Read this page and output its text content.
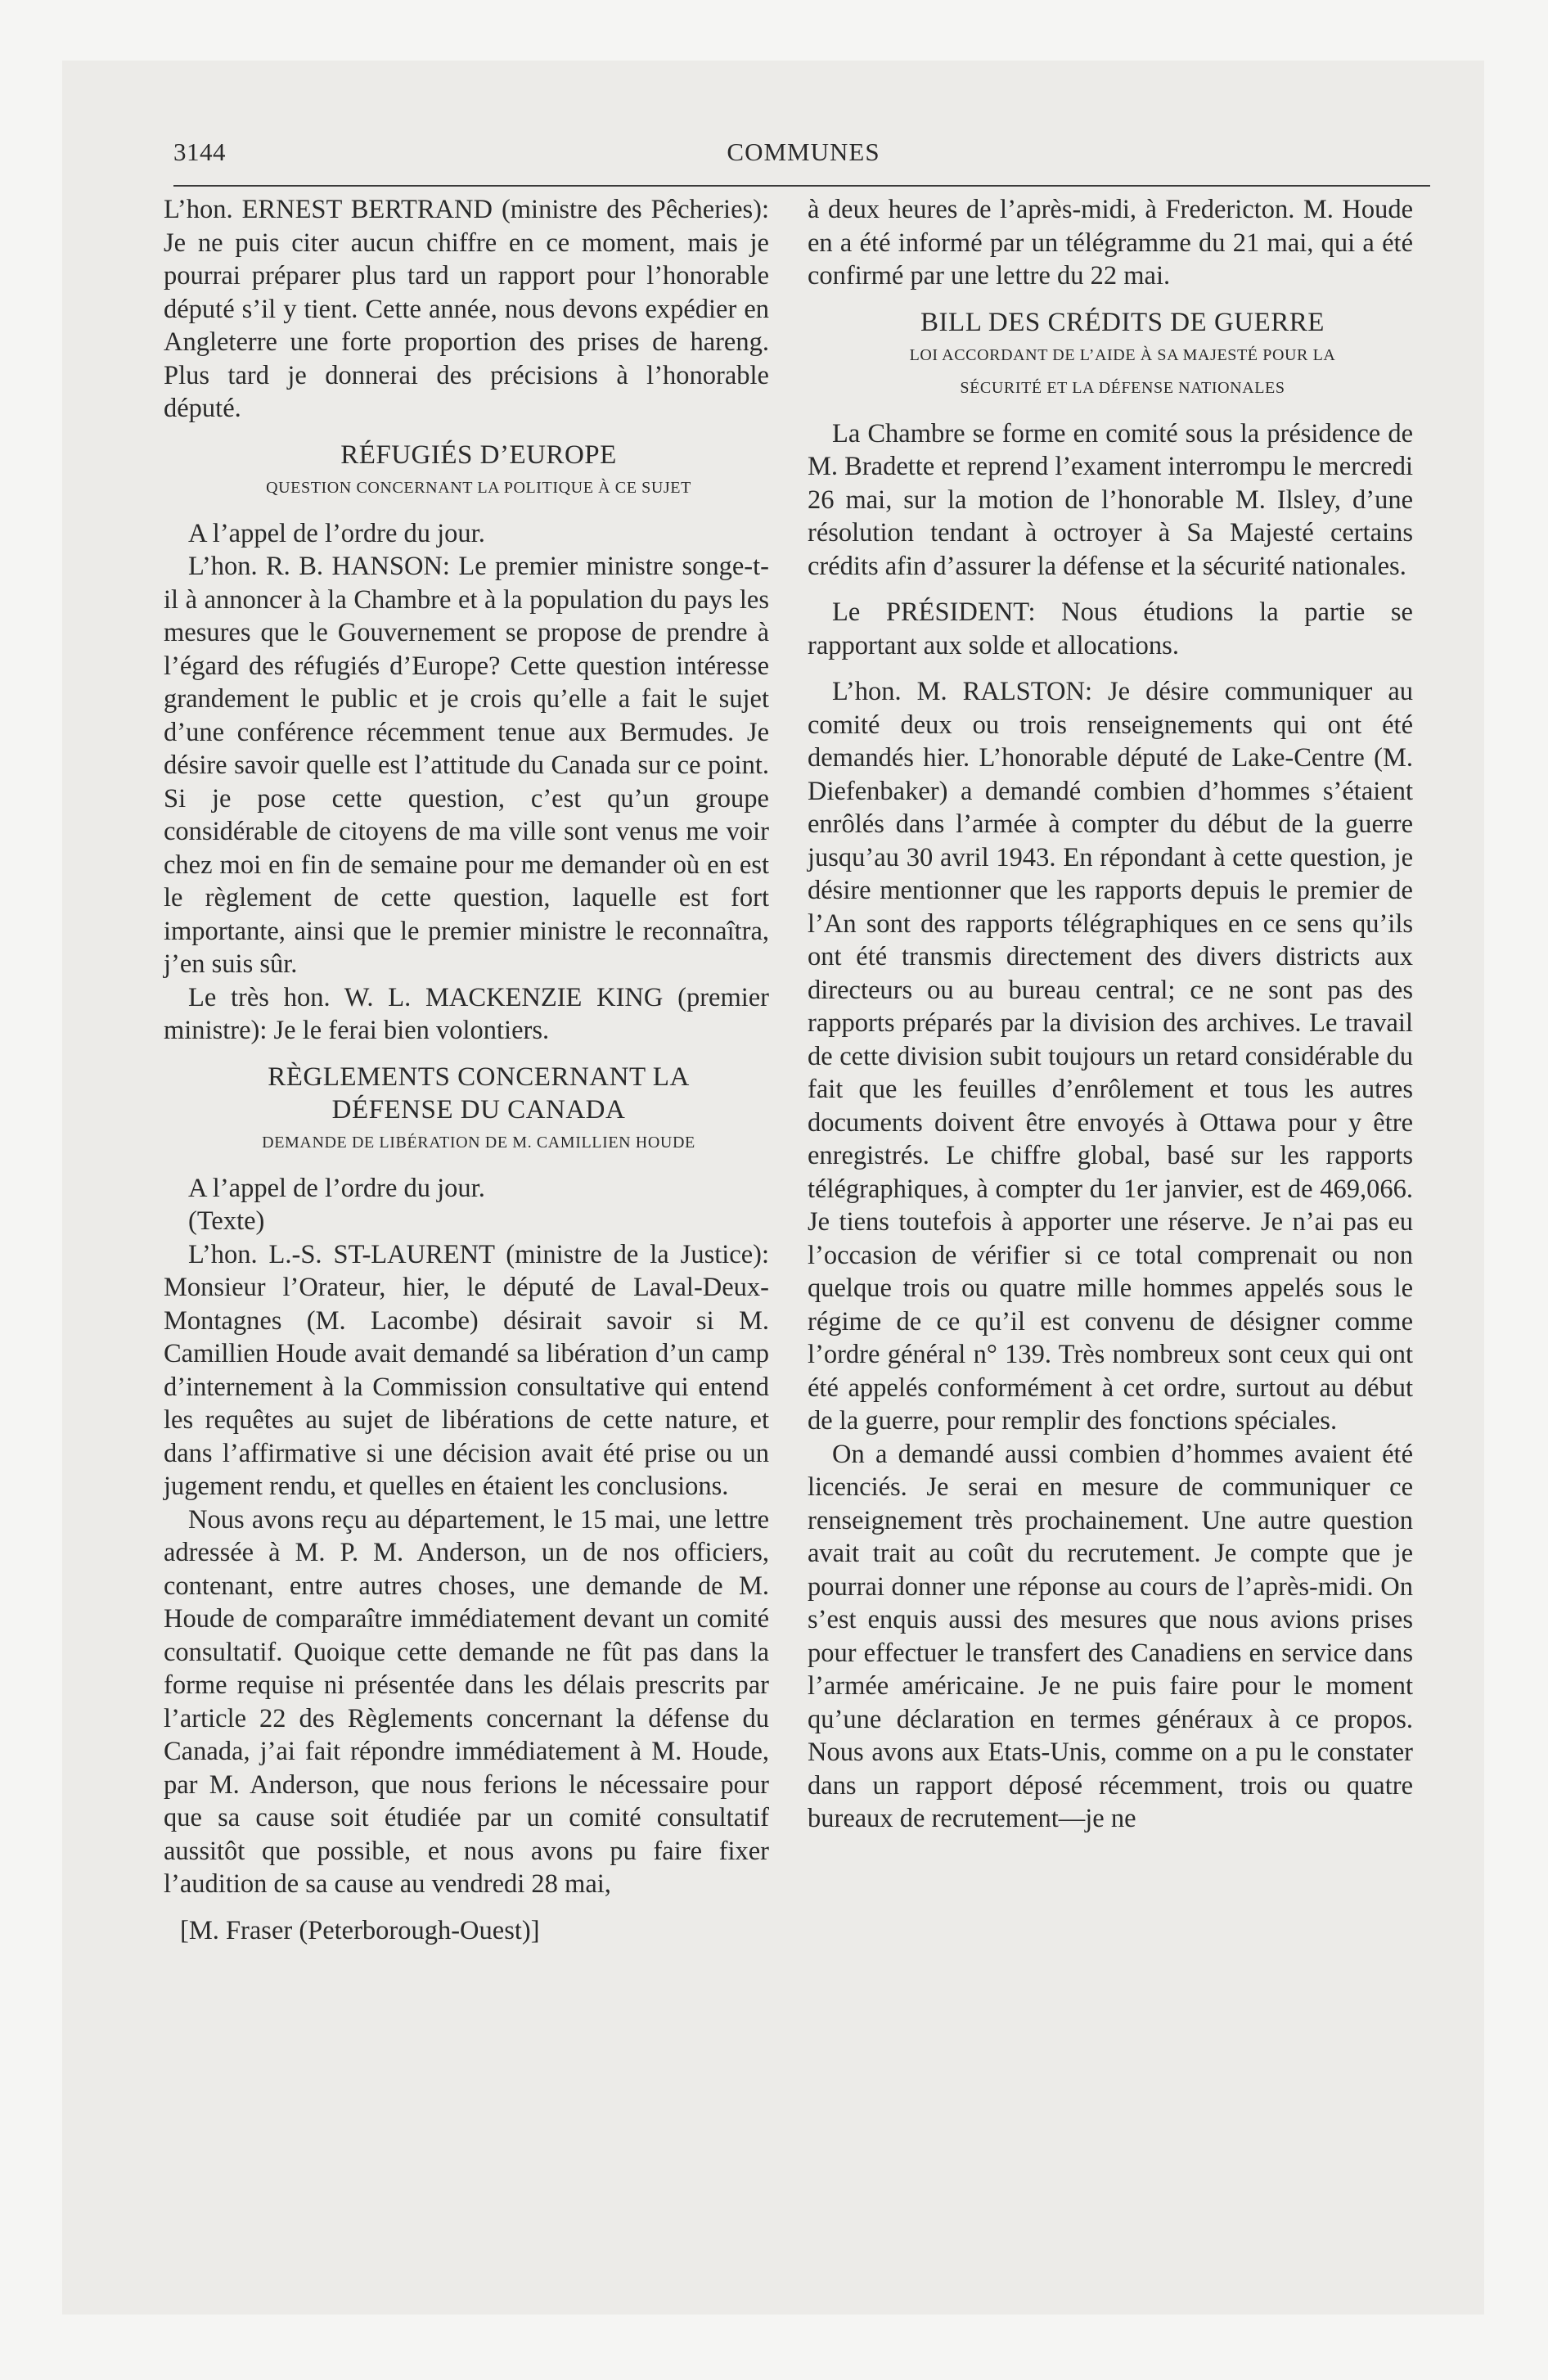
3144	COMMUNES

L’hon. ERNEST BERTRAND (ministre des Pêcheries): Je ne puis citer aucun chiffre en ce moment, mais je pourrai préparer plus tard un rapport pour l’honorable député s’il y tient. Cette année, nous devons expédier en Angleterre une forte proportion des prises de hareng. Plus tard je donnerai des précisions à l’honorable député.

RÉFUGIÉS D’EUROPE

QUESTION CONCERNANT LA POLITIQUE À CE SUJET

A l’appel de l’ordre du jour.

L’hon. R. B. HANSON: Le premier ministre songe-t-il à annoncer à la Chambre et à la population du pays les mesures que le Gouvernement se propose de prendre à l’égard des réfugiés d’Europe? Cette question intéresse grandement le public et je crois qu’elle a fait le sujet d’une conférence récemment tenue aux Bermudes. Je désire savoir quelle est l’attitude du Canada sur ce point. Si je pose cette question, c’est qu’un groupe considérable de citoyens de ma ville sont venus me voir chez moi en fin de semaine pour me demander où en est le règlement de cette question, laquelle est fort importante, ainsi que le premier ministre le reconnaîtra, j’en suis sûr.

Le très hon. W. L. MACKENZIE KING (premier ministre): Je le ferai bien volontiers.

RÈGLEMENTS CONCERNANT LA

DÉFENSE DU CANADA

DEMANDE DE LIBÉRATION DE M. CAMILLIEN HOUDE

A l’appel de l’ordre du jour.

(Texte)

L’hon. L.-S. ST-LAURENT (ministre de la Justice): Monsieur l’Orateur, hier, le député de Laval-Deux-Montagnes (M. Lacombe) désirait savoir si M. Camillien Houde avait demandé sa libération d’un camp d’internement à la Commission consultative qui entend les requêtes au sujet de libérations de cette nature, et dans l’affirmative si une décision avait été prise ou un jugement rendu, et quelles en étaient les conclusions.

Nous avons reçu au département, le 15 mai, une lettre adressée à M. P. M. Anderson, un de nos officiers, contenant, entre autres choses, une demande de M. Houde de comparaître immédiatement devant un comité consultatif. Quoique cette demande ne fût pas dans la forme requise ni présentée dans les délais prescrits par l’article 22 des Règlements concernant la défense du Canada, j’ai fait répondre immédiatement à M. Houde, par M. Anderson, que nous ferions le nécessaire pour que sa cause soit étudiée par un comité consultatif aussitôt que possible, et nous avons pu faire fixer l’audition de sa cause au vendredi 28 mai,

[M. Fraser (Peterborough-Ouest)]

à deux heures de l’après-midi, à Fredericton. M. Houde en a été informé par un télégramme du 21 mai, qui a été confirmé par une lettre du 22 mai.

BILL DES CRÉDITS DE GUERRE

LOI ACCORDANT DE L’AIDE À SA MAJESTÉ POUR LA

SÉCURITÉ ET LA DÉFENSE NATIONALES

La Chambre se forme en comité sous la présidence de M. Bradette et reprend l’exament interrompu le mercredi 26 mai, sur la motion de l’honorable M. Ilsley, d’une résolution tendant à octroyer à Sa Majesté certains crédits afin d’assurer la défense et la sécurité nationales.

Le PRÉSIDENT: Nous étudions la partie se rapportant aux solde et allocations.

L’hon. M. RALSTON: Je désire communiquer au comité deux ou trois renseignements qui ont été demandés hier. L’honorable député de Lake-Centre (M. Diefenbaker) a demandé combien d’hommes s’étaient enrôlés dans l’armée à compter du début de la guerre jusqu’au 30 avril 1943. En répondant à cette question, je désire mentionner que les rapports depuis le premier de l’An sont des rapports télégraphiques en ce sens qu’ils ont été transmis directement des divers districts aux directeurs ou au bureau central; ce ne sont pas des rapports préparés par la division des archives. Le travail de cette division subit toujours un retard considérable du fait que les feuilles d’enrôlement et tous les autres documents doivent être envoyés à Ottawa pour y être enregistrés. Le chiffre global, basé sur les rapports télégraphiques, à compter du 1er janvier, est de 469,066. Je tiens toutefois à apporter une réserve. Je n’ai pas eu l’occasion de vérifier si ce total comprenait ou non quelque trois ou quatre mille hommes appelés sous le régime de ce qu’il est convenu de désigner comme l’ordre général n° 139. Très nombreux sont ceux qui ont été appelés conformément à cet ordre, surtout au début de la guerre, pour remplir des fonctions spéciales.

On a demandé aussi combien d’hommes avaient été licenciés. Je serai en mesure de communiquer ce renseignement très prochainement. Une autre question avait trait au coût du recrutement. Je compte que je pourrai donner une réponse au cours de l’après-midi. On s’est enquis aussi des mesures que nous avions prises pour effectuer le transfert des Canadiens en service dans l’armée américaine. Je ne puis faire pour le moment qu’une déclaration en termes généraux à ce propos. Nous avons aux Etats-Unis, comme on a pu le constater dans un rapport déposé récemment, trois ou quatre bureaux de recrutement—je ne
